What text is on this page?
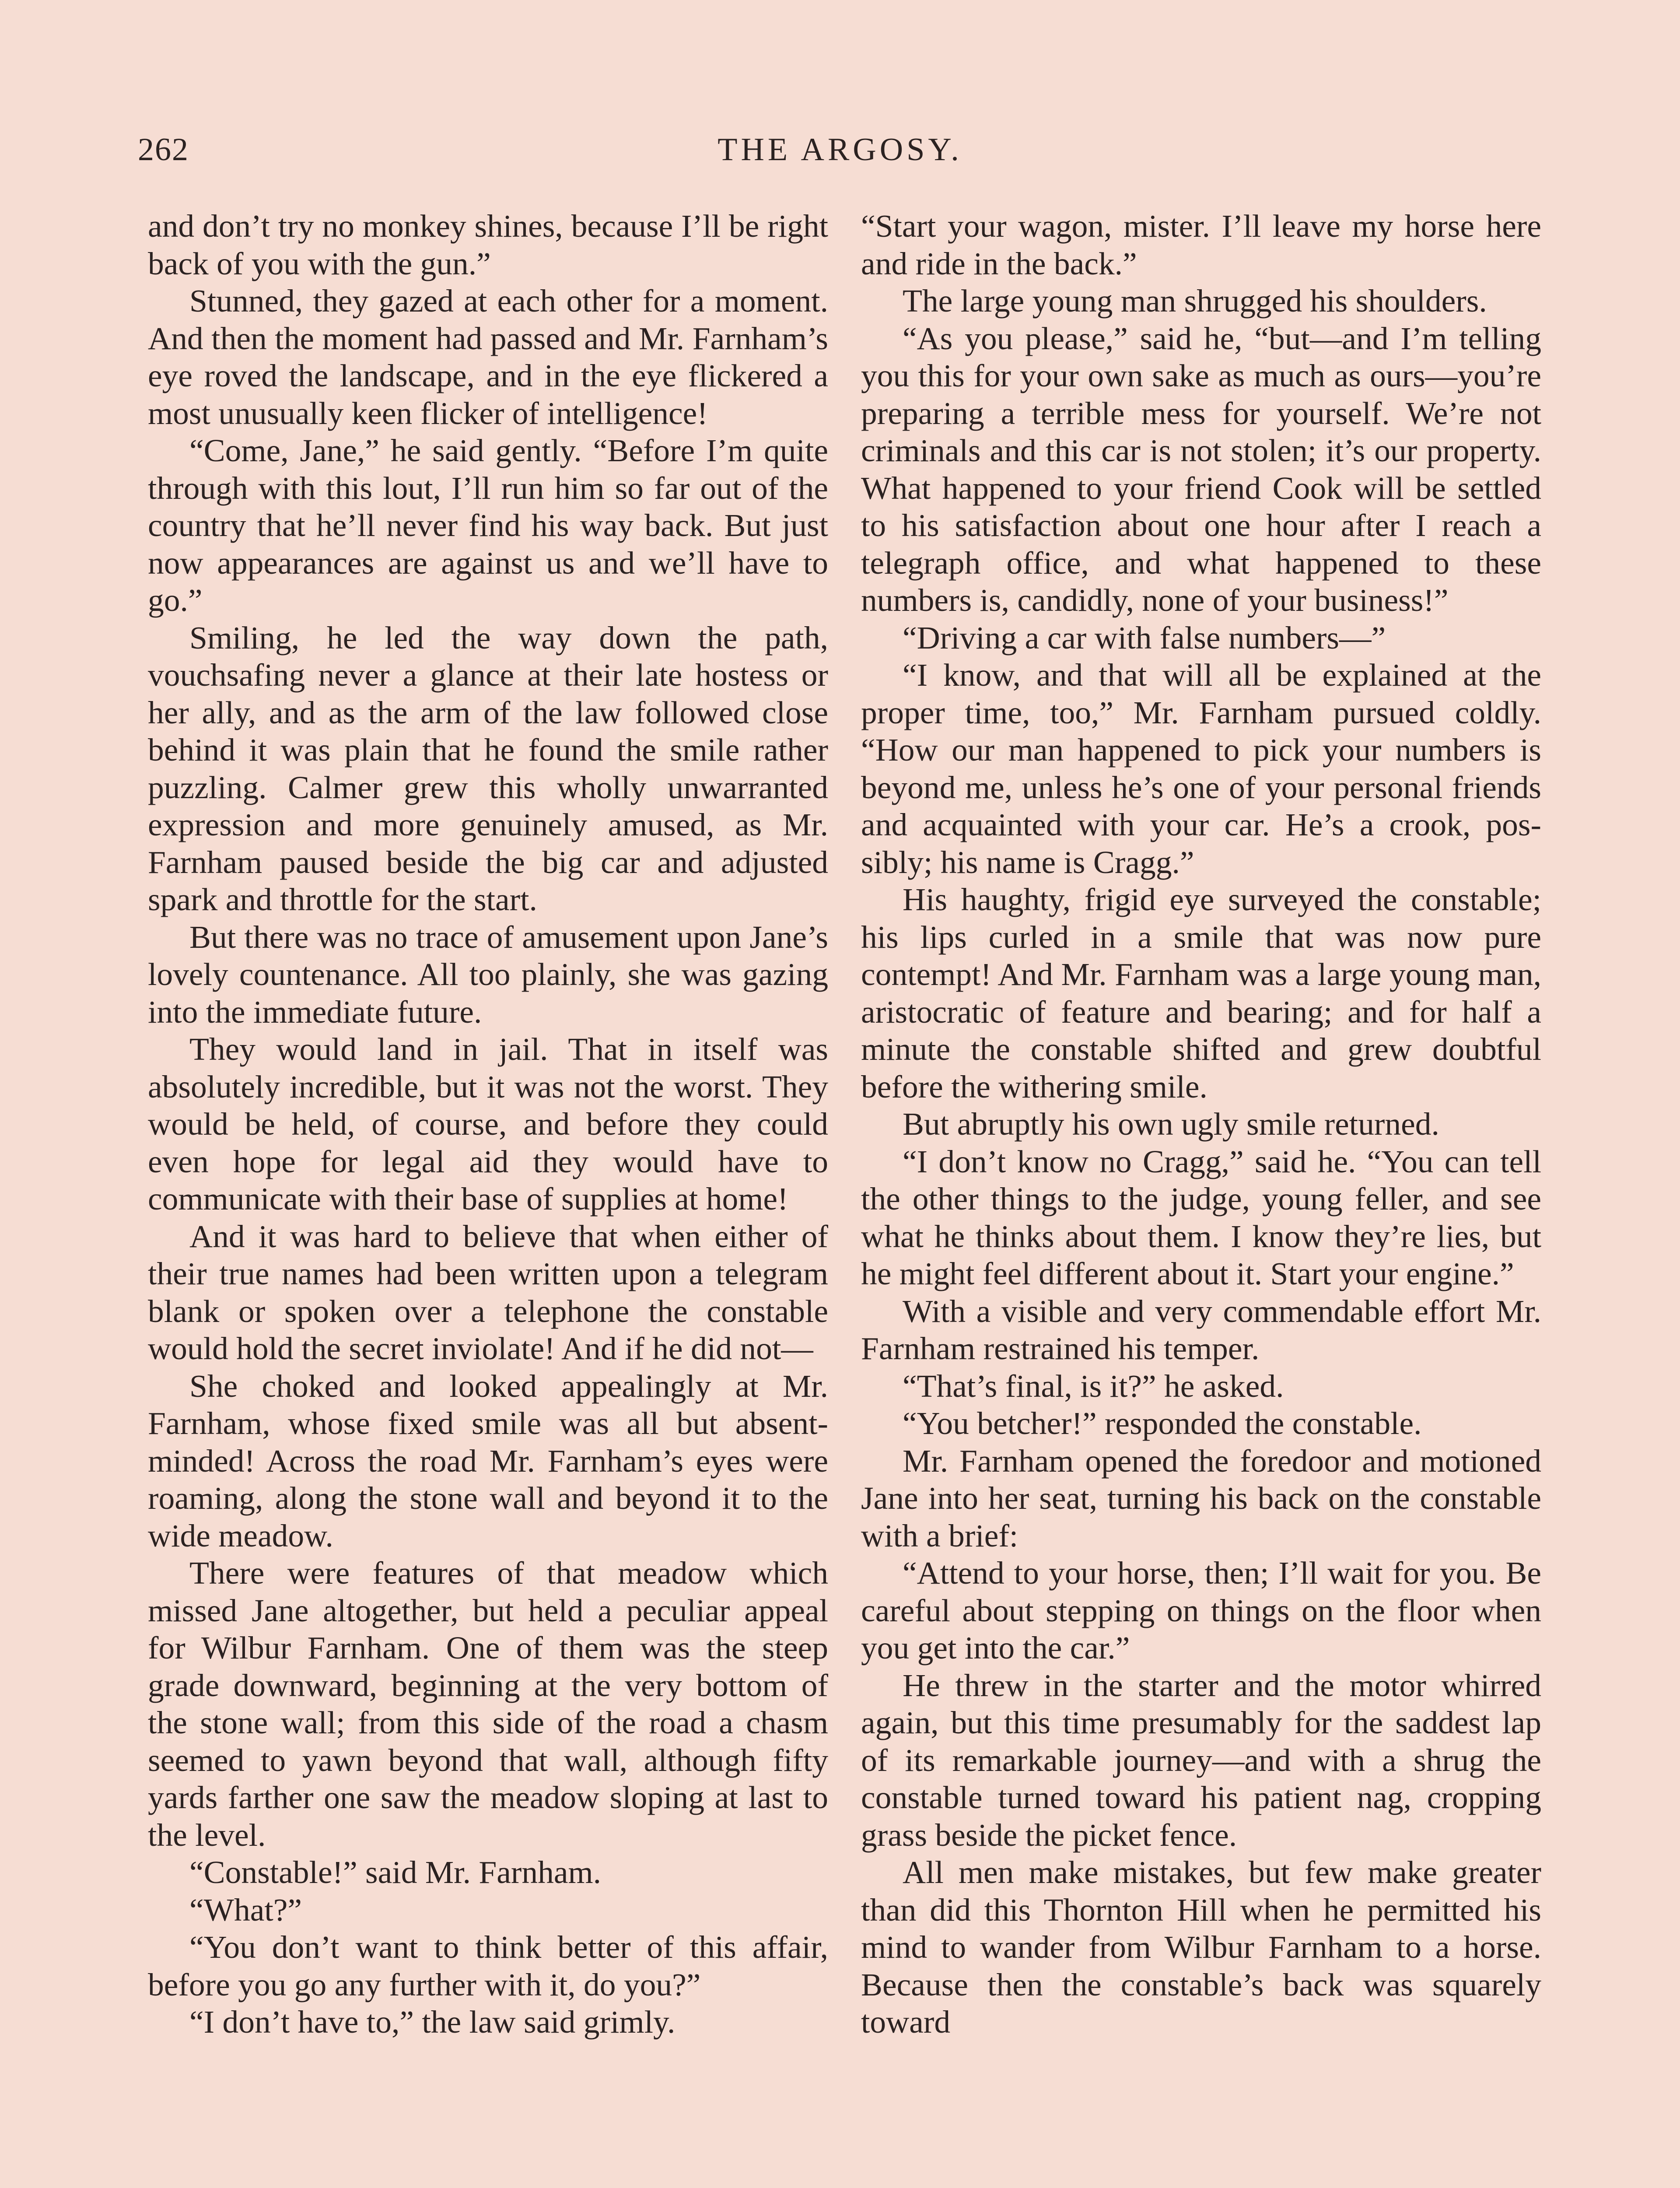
262	THE ARGOSY.

and don’t try no monkey shines, because I’ll be right back of you with the gun.”

Stunned, they gazed at each other for a moment. And then the moment had passed and Mr. Farnham’s eye roved the landscape, and in the eye flickered a most unusually keen flicker of intelligence!

“Come, Jane,” he said gently. “Before I’m quite through with this lout, I’ll run him so far out of the country that he’ll never find his way back. But just now appearances are against us and we’ll have to go.”

Smiling, he led the way down the path, vouchsafing never a glance at their late hostess or her ally, and as the arm of the law followed close behind it was plain that he found the smile rather puzzling. Calmer grew this wholly unwarranted expression and more genuinely amused, as Mr. Farnham paused beside the big car and adjusted spark and throttle for the start.

But there was no trace of amusement upon Jane’s lovely countenance. All too plainly, she was gazing into the immediate future.

They would land in jail. That in itself was absolutely incredible, but it was not the worst. They would be held, of course, and before they could even hope for legal aid they would have to communicate with their base of supplies at home!

And it was hard to believe that when either of their true names had been written upon a telegram blank or spoken over a telephone the constable would hold the secret inviolate! And if he did not—

She choked and looked appealingly at Mr. Farnham, whose fixed smile was all but absent-minded! Across the road Mr. Farnham’s eyes were roaming, along the stone wall and beyond it to the wide meadow.

There were features of that meadow which missed Jane altogether, but held a peculiar appeal for Wilbur Farnham. One of them was the steep grade downward, beginning at the very bottom of the stone wall; from this side of the road a chasm seemed to yawn beyond that wall, although fifty yards farther one saw the meadow sloping at last to the level.

“Constable!” said Mr. Farnham.

“What?”

“You don’t want to think better of this affair, before you go any further with it, do you?”

“I don’t have to,” the law said grimly.

“Start your wagon, mister. I’ll leave my horse here and ride in the back.”

The large young man shrugged his shoulders.

“As you please,” said he, “but—and I’m telling you this for your own sake as much as ours—you’re preparing a terrible mess for yourself. We’re not criminals and this car is not stolen; it’s our property. What happened to your friend Cook will be settled to his satisfaction about one hour after I reach a telegraph office, and what happened to these numbers is, candidly, none of your business!”

“Driving a car with false numbers—”

“I know, and that will all be explained at the proper time, too,” Mr. Farnham pursued coldly. “How our man happened to pick your numbers is beyond me, unless he’s one of your personal friends and acquainted with your car. He’s a crook, possibly; his name is Cragg.”

His haughty, frigid eye surveyed the constable; his lips curled in a smile that was now pure contempt! And Mr. Farnham was a large young man, aristocratic of feature and bearing; and for half a minute the constable shifted and grew doubtful before the withering smile.

But abruptly his own ugly smile returned.

“I don’t know no Cragg,” said he. “You can tell the other things to the judge, young feller, and see what he thinks about them. I know they’re lies, but he might feel different about it. Start your engine.”

With a visible and very commendable effort Mr. Farnham restrained his temper.

“That’s final, is it?” he asked.

“You betcher!” responded the constable.

Mr. Farnham opened the foredoor and motioned Jane into her seat, turning his back on the constable with a brief:

“Attend to your horse, then; I’ll wait for you. Be careful about stepping on things on the floor when you get into the car.”

He threw in the starter and the motor whirred again, but this time presumably for the saddest lap of its remarkable journey—and with a shrug the constable turned toward his patient nag, cropping grass beside the picket fence.

All men make mistakes, but few make greater than did this Thornton Hill when he permitted his mind to wander from Wilbur Farnham to a horse. Because then the constable’s back was squarely toward
